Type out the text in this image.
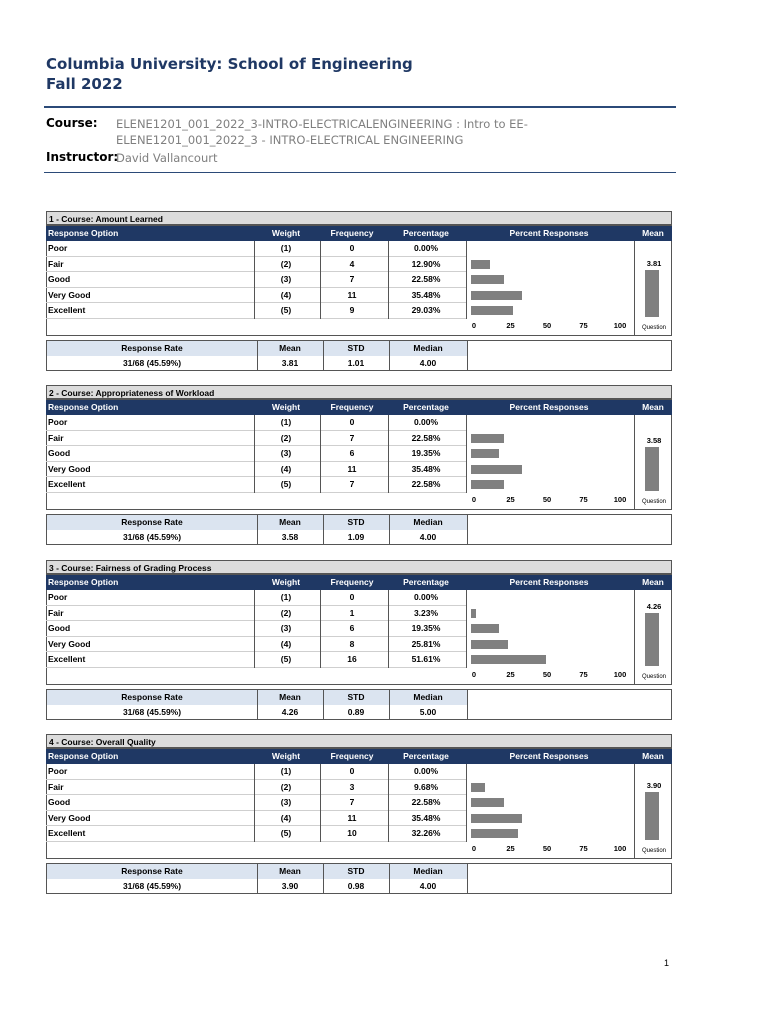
Columbia University: School of Engineering
Fall 2022
Course: ELENE1201_001_2022_3-INTRO-ELECTRICALENGINEERING : Intro to EE-ELENE1201_001_2022_3 - INTRO-ELECTRICAL ENGINEERING
Instructor:
David Vallancourt
1 - Course: Amount Learned
Response Option	Weight	Frequency	Percentage	Percent Responses	Mean
Poor	(1)	0	0.00%
Fair	(2)	4	12.90%
Good	(3)	7	22.58%
Very Good	(4)	11	35.48%
Excellent	(5)	9	29.03%
0	25	50	75	100
3.81
Question
Response Rate	Mean	STD	Median
31/68 (45.59%)	3.81	1.01	4.00
2 - Course: Appropriateness of Workload
Response Option	Weight	Frequency	Percentage	Percent Responses	Mean
Poor	(1)	0	0.00%
Fair	(2)	7	22.58%
Good	(3)	6	19.35%
Very Good	(4)	11	35.48%
Excellent	(5)	7	22.58%
0	25	50	75	100
3.58
Question
Response Rate	Mean	STD	Median
31/68 (45.59%)	3.58	1.09	4.00
3 - Course: Fairness of Grading Process
Response Option	Weight	Frequency	Percentage	Percent Responses	Mean
Poor	(1)	0	0.00%
Fair	(2)	1	3.23%
Good	(3)	6	19.35%
Very Good	(4)	8	25.81%
Excellent	(5)	16	51.61%
0	25	50	75	100
4.26
Question
Response Rate	Mean	STD	Median
31/68 (45.59%)	4.26	0.89	5.00
4 - Course: Overall Quality
Response Option	Weight	Frequency	Percentage	Percent Responses	Mean
Poor	(1)	0	0.00%
Fair	(2)	3	9.68%
Good	(3)	7	22.58%
Very Good	(4)	11	35.48%
Excellent	(5)	10	32.26%
0	25	50	75	100
3.90
Question
Response Rate	Mean	STD	Median
31/68 (45.59%)	3.90	0.98	4.00
1
